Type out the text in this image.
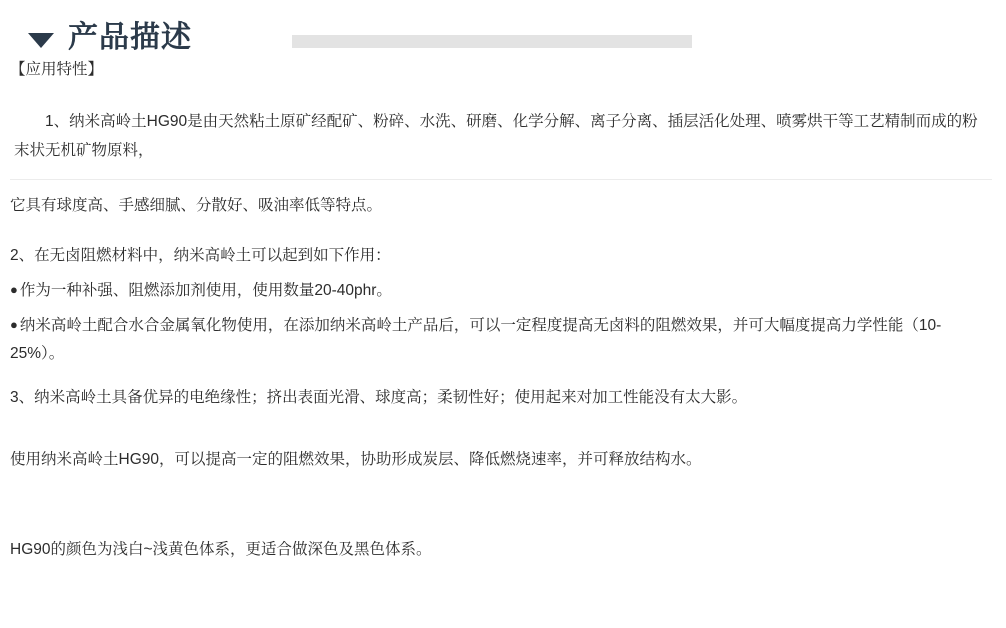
产品描述

【应用特性】

1、纳米高岭土HG90是由天然粘土原矿经配矿、粉碎、水洗、研磨、化学分解、离子分离、插层活化处理、喷雾烘干等工艺精制而成的粉末状无机矿物原料，

它具有球度高、手感细腻、分散好、吸油率低等特点。

2、在无卤阻燃材料中，纳米高岭土可以起到如下作用：

● 作为一种补强、阻燃添加剂使用，使用数量20-40phr。

● 纳米高岭土配合水合金属氧化物使用，在添加纳米高岭土产品后，可以一定程度提高无卤料的阻燃效果，并可大幅度提高力学性能（10-25%）。

3、纳米高岭土具备优异的电绝缘性；挤出表面光滑、球度高；柔韧性好；使用起来对加工性能没有太大影。

使用纳米高岭土HG90，可以提高一定的阻燃效果，协助形成炭层、降低燃烧速率，并可释放结构水。

HG90的颜色为浅白~浅黄色体系，更适合做深色及黑色体系。
